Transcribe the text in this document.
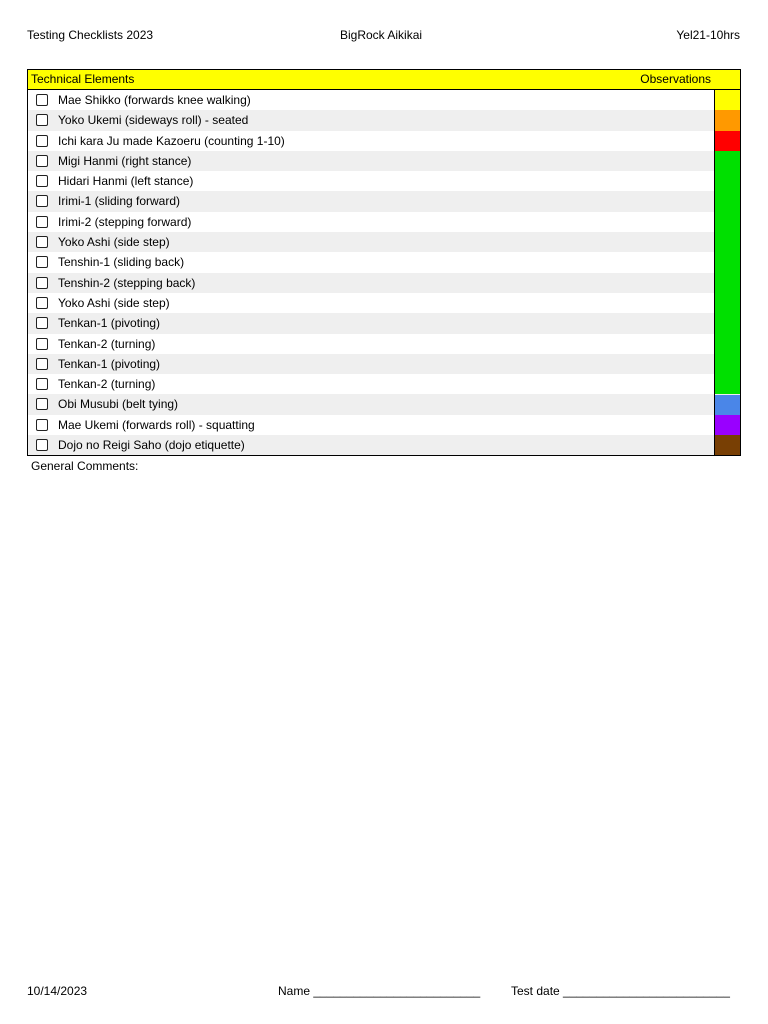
Testing Checklists 2023	BigRock Aikikai	Yel21-10hrs
Technical Elements	Observations
Mae Shikko (forwards knee walking)
Yoko Ukemi (sideways roll) - seated
Ichi kara Ju made Kazoeru (counting 1-10)
Migi Hanmi (right stance)
Hidari Hanmi (left stance)
Irimi-1 (sliding forward)
Irimi-2 (stepping forward)
Yoko Ashi (side step)
Tenshin-1 (sliding back)
Tenshin-2 (stepping back)
Yoko Ashi (side step)
Tenkan-1 (pivoting)
Tenkan-2 (turning)
Tenkan-1 (pivoting)
Tenkan-2 (turning)
Obi Musubi (belt tying)
Mae Ukemi (forwards roll) - squatting
Dojo no Reigi Saho (dojo etiquette)
General Comments:
10/14/2023	Name _________________________	Test date _________________________
